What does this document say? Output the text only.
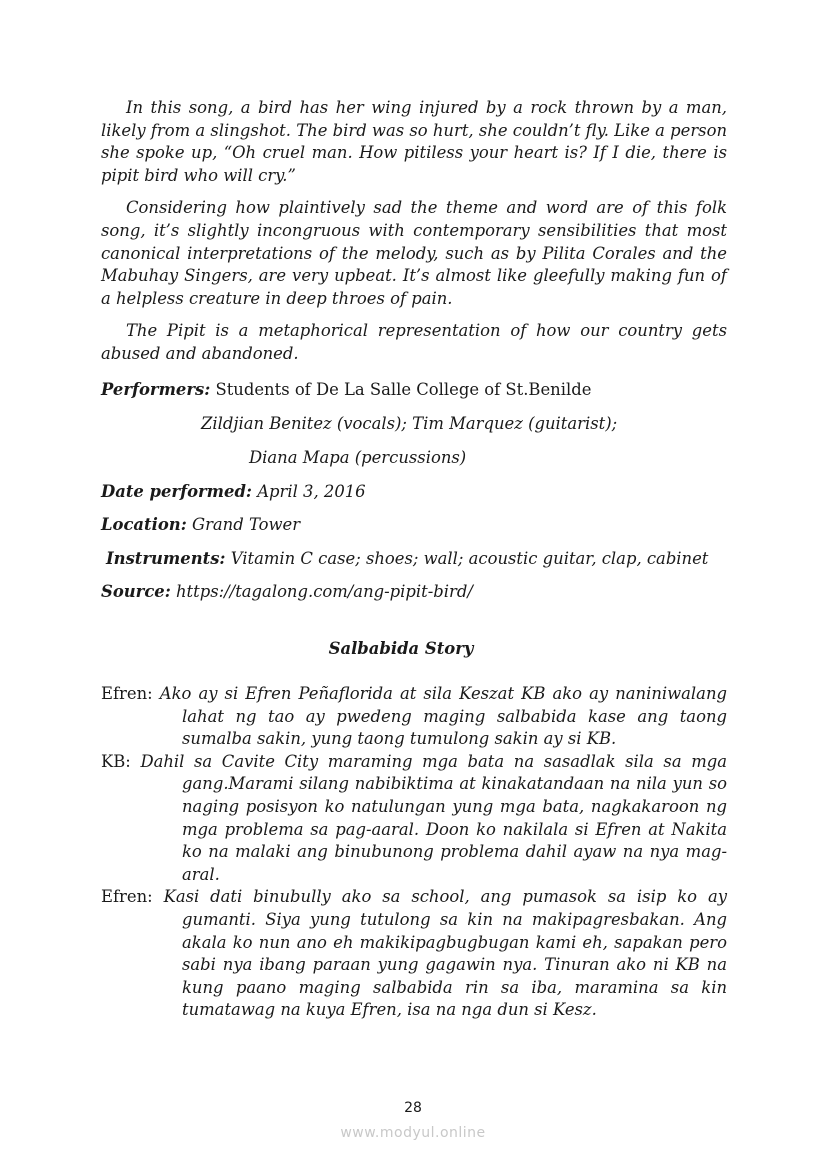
In this song, a bird has her wing injured by a rock thrown by a man, likely from a slingshot. The bird was so hurt, she couldn’t fly. Like a person she spoke up, “Oh cruel man. How pitiless your heart is? If I die, there is pipit bird who will cry.”

Considering how plaintively sad the theme and word are of this folk song, it’s slightly incongruous with contemporary sensibilities that most canonical interpretations of the melody, such as by Pilita Corales and the Mabuhay Singers, are very upbeat. It’s almost like gleefully making fun of a helpless creature in deep throes of pain.

The Pipit is a metaphorical representation of how our country gets abused and abandoned.

Performers: Students of De La Salle College of St.Benilde
Zildjian Benitez (vocals); Tim Marquez (guitarist);
Diana Mapa (percussions)
Date performed: April 3, 2016
Location: Grand Tower
Instruments: Vitamin C case; shoes; wall; acoustic guitar, clap, cabinet
Source: https://tagalong.com/ang-pipit-bird/
Salbabida Story

Efren: Ako ay si Efren Peñaflorida at sila Keszat KB ako ay naniniwalang lahat ng tao ay pwedeng maging salbabida kase ang taong sumalba sakin, yung taong tumulong sakin ay si KB.

KB: Dahil sa Cavite City maraming mga bata na sasadlak sila sa mga gang.Marami silang nabibiktima at kinakatandaan na nila yun so naging posisyon ko natulungan yung mga bata, nagkakaroon ng mga problema sa pag-aaral. Doon ko nakilala si Efren at Nakita ko na malaki ang binubunong problema dahil ayaw na nya mag- aral.

Efren: Kasi dati binubully ako sa school, ang pumasok sa isip ko ay gumanti. Siya yung tutulong sa kin na makipagresbakan. Ang akala ko nun ano eh makikipagbugbugan kami eh, sapakan pero sabi nya ibang paraan yung gagawin nya. Tinuran ako ni KB na kung paano maging salbabida rin sa iba, maramina sa kin tumatawag na kuya Efren, isa na nga dun si Kesz.

28
www.modyul.online
